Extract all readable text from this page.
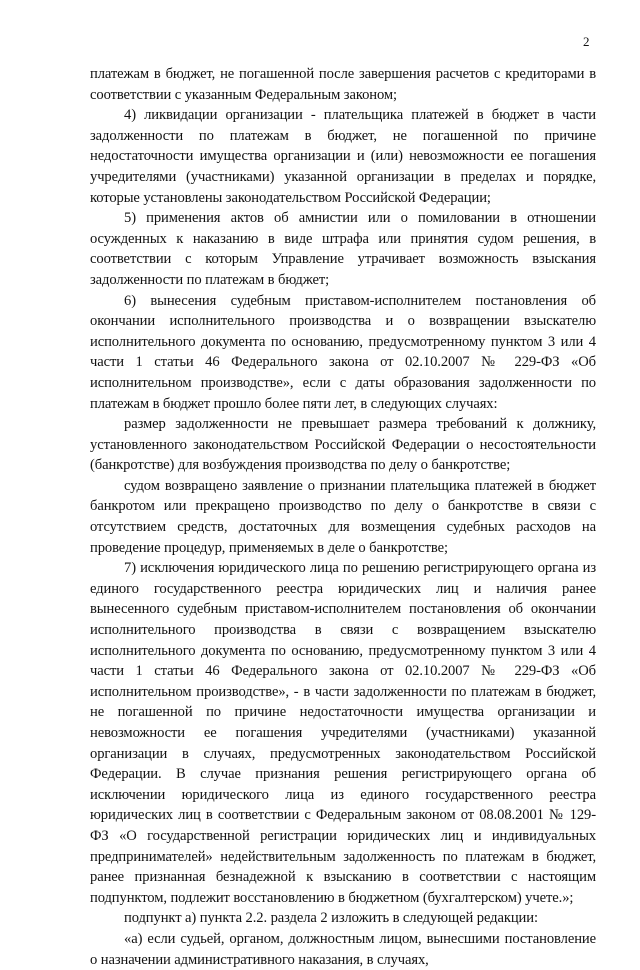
2

платежам в бюджет, не погашенной после завершения расчетов с кредиторами в соответствии с указанным Федеральным законом;

4) ликвидации организации - плательщика платежей в бюджет в части задолженности по платежам в бюджет, не погашенной по причине недостаточности имущества организации и (или) невозможности ее погашения учредителями (участниками) указанной организации в пределах и порядке, которые установлены законодательством Российской Федерации;

5) применения актов об амнистии или о помиловании в отношении осужденных к наказанию в виде штрафа или принятия судом решения, в соответствии с которым Управление утрачивает возможность взыскания задолженности по платежам в бюджет;

6) вынесения судебным приставом-исполнителем постановления об окончании исполнительного производства и о возвращении взыскателю исполнительного документа по основанию, предусмотренному пунктом 3 или 4 части 1 статьи 46 Федерального закона от 02.10.2007 № 229-ФЗ «Об исполнительном производстве», если с даты образования задолженности по платежам в бюджет прошло более пяти лет, в следующих случаях:

размер задолженности не превышает размера требований к должнику, установленного законодательством Российской Федерации о несостоятельности (банкротстве) для возбуждения производства по делу о банкротстве;

судом возвращено заявление о признании плательщика платежей в бюджет банкротом или прекращено производство по делу о банкротстве в связи с отсутствием средств, достаточных для возмещения судебных расходов на проведение процедур, применяемых в деле о банкротстве;

7) исключения юридического лица по решению регистрирующего органа из единого государственного реестра юридических лиц и наличия ранее вынесенного судебным приставом-исполнителем постановления об окончании исполнительного производства в связи с возвращением взыскателю исполнительного документа по основанию, предусмотренному пунктом 3 или 4 части 1 статьи 46 Федерального закона от 02.10.2007 № 229-ФЗ «Об исполнительном производстве», - в части задолженности по платежам в бюджет, не погашенной по причине недостаточности имущества организации и невозможности ее погашения учредителями (участниками) указанной организации в случаях, предусмотренных законодательством Российской Федерации. В случае признания решения регистрирующего органа об исключении юридического лица из единого государственного реестра юридических лиц в соответствии с Федеральным законом от 08.08.2001 № 129-ФЗ «О государственной регистрации юридических лиц и индивидуальных предпринимателей» недействительным задолженность по платежам в бюджет, ранее признанная безнадежной к взысканию в соответствии с настоящим подпунктом, подлежит восстановлению в бюджетном (бухгалтерском) учете.»;

подпункт а) пункта 2.2. раздела 2 изложить в следующей редакции:

«а) если судьей, органом, должностным лицом, вынесшими постановление о назначении административного наказания, в случаях,
